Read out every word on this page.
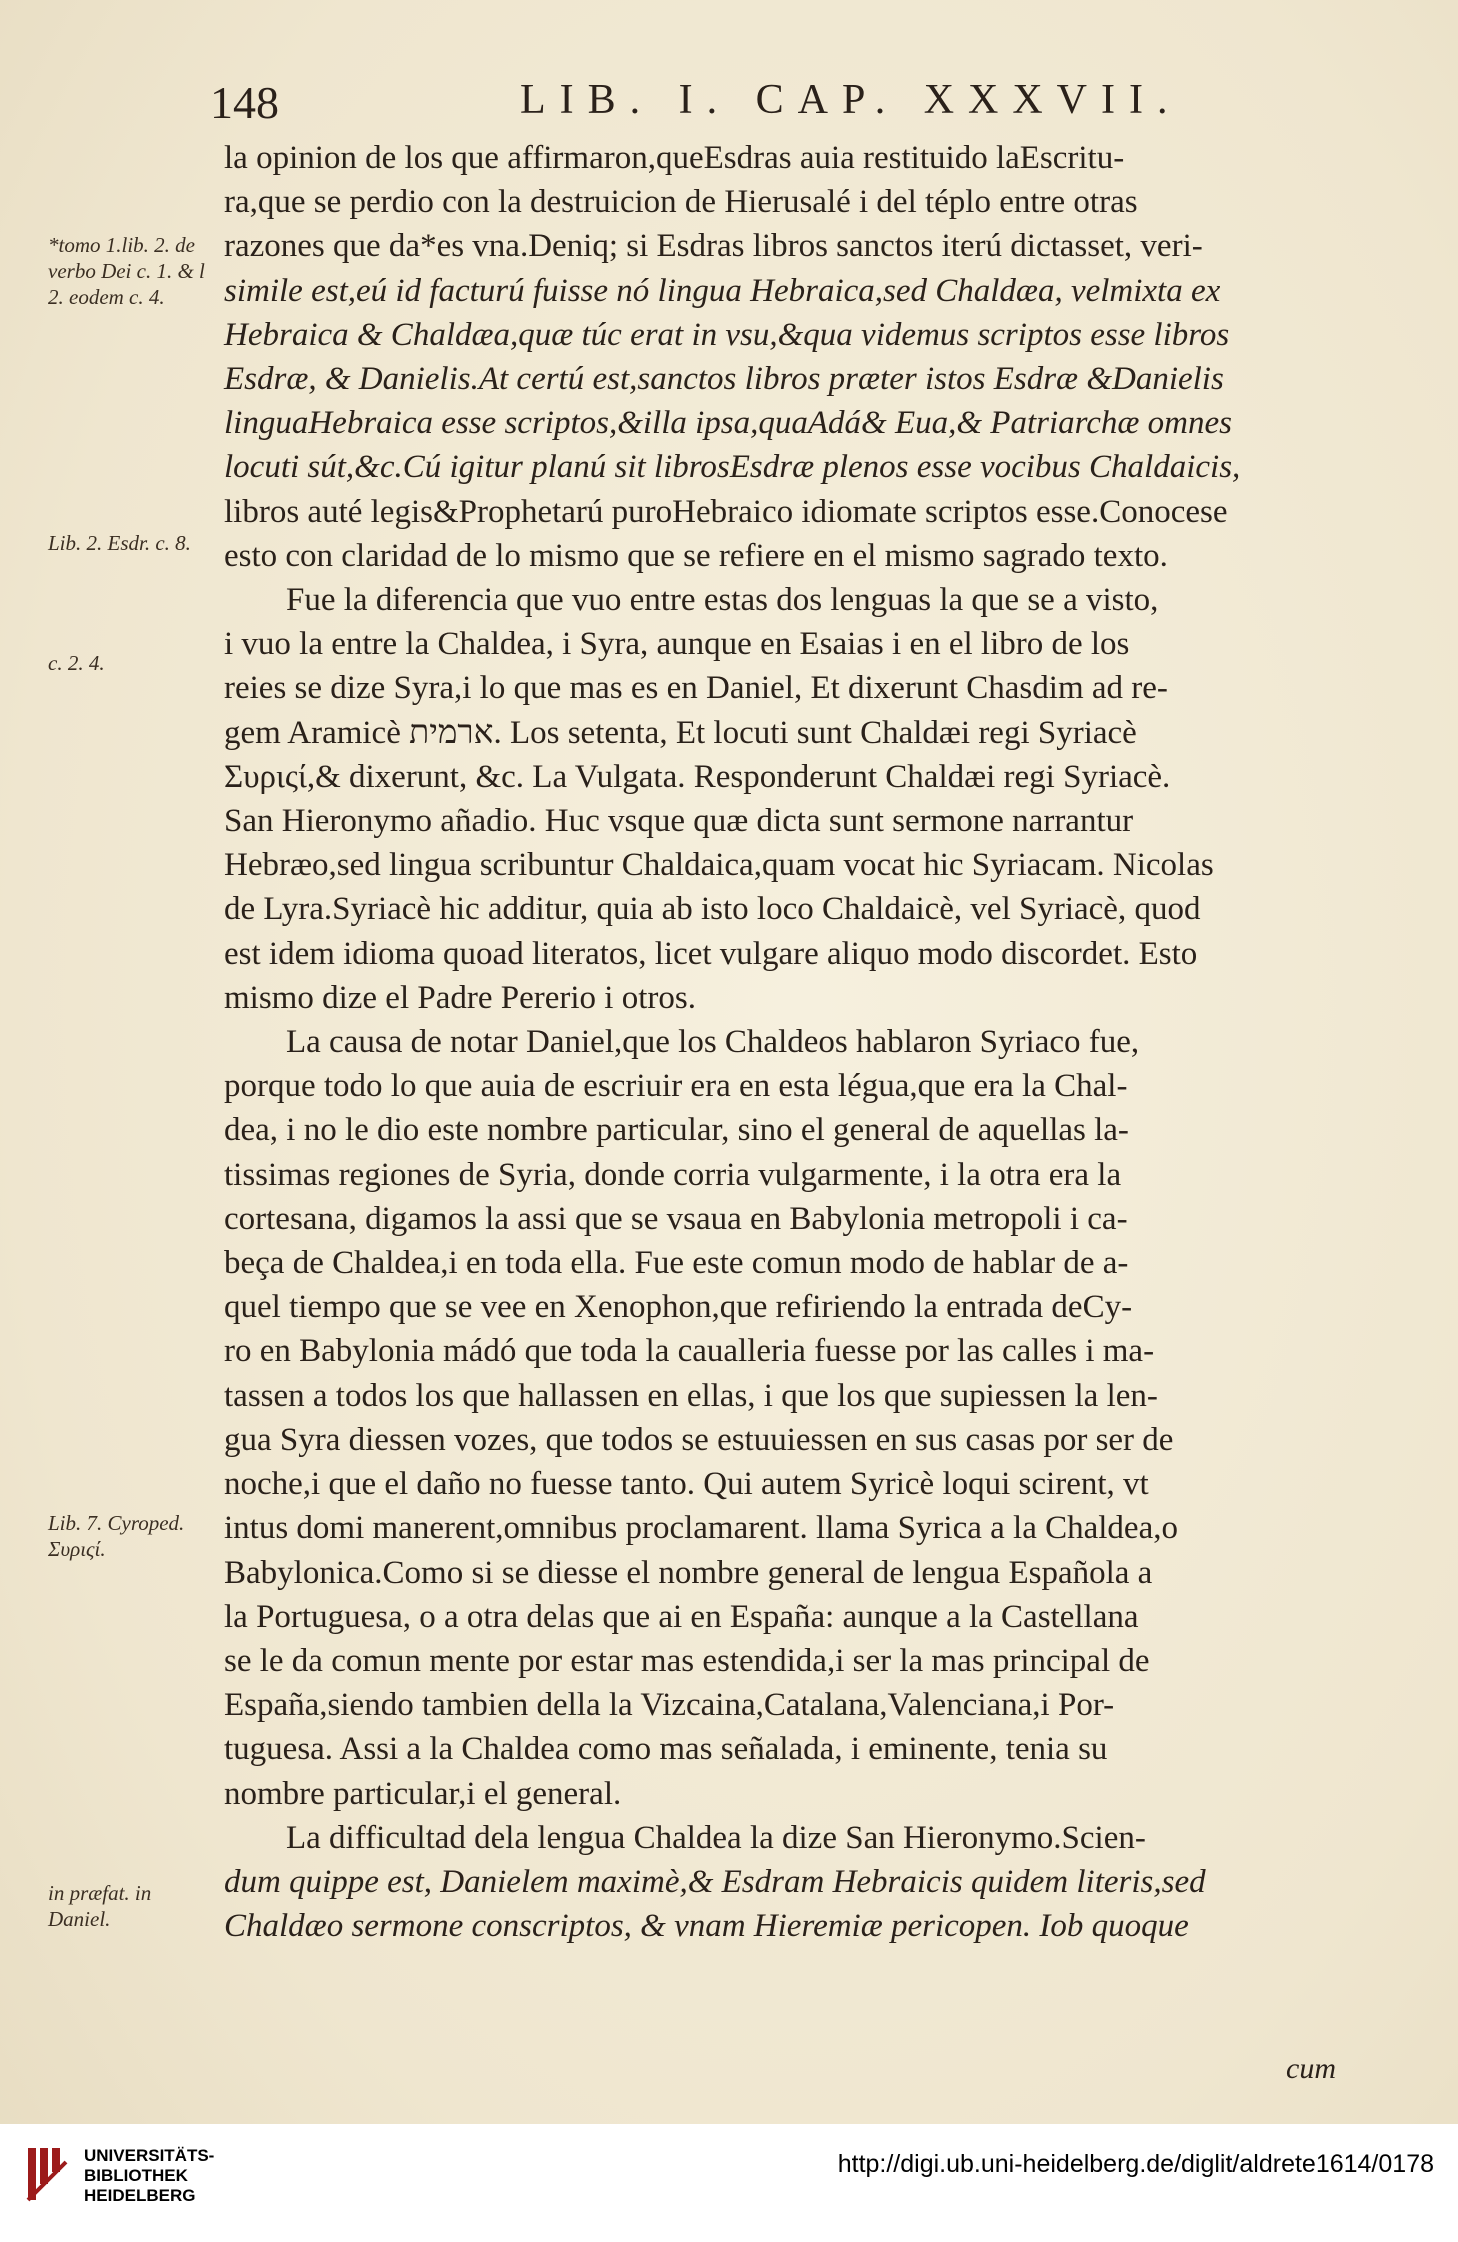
148	LIB. I. CAP. XXXVII.
*tomo 1.lib. 2. de verbo Dei c. 1. & l 2. eodem c. 4.
Lib. 2. Esdr. c. 8.
c. 2. 4.
Lib. 7. Cyroped. Συριςί.
in præfat. in Daniel.
la opinion de los que affirmaron,queEsdras auia restituido laEscritu-
ra,que se perdio con la destruicion de Hierusalé i del téplo entre otras
razones que da*es vna.Deniq; si Esdras libros sanctos iterú dictasset, veri-
simile est,eú id facturú fuisse nó lingua Hebraica,sed Chaldæa, velmixta ex
Hebraica & Chaldæa,quæ túc erat in vsu,&qua videmus scriptos esse libros
Esdræ, & Danielis.At certú est,sanctos libros præter istos Esdræ &Danielis
linguaHebraica esse scriptos,&illa ipsa,quaAdá& Eua,& Patriarchæ omnes
locuti sút,&c.Cú igitur planú sit librosEsdræ plenos esse vocibus Chaldaicis,
libros auté legis&Prophetarú puroHebraico idiomate scriptos esse.Conocese
esto con claridad de lo mismo que se refiere en el mismo sagrado texto.
Fue la diferencia que vuo entre estas dos lenguas la que se a visto,
i vuo la entre la Chaldea, i Syra, aunque en Esaias i en el libro de los
reies se dize Syra,i lo que mas es en Daniel, Et dixerunt Chasdim ad re-
gem Aramicè ארמית. Los setenta, Et locuti sunt Chaldæi regi Syriacè
Συριςί,& dixerunt, &c. La Vulgata. Responderunt Chaldæi regi Syriacè.
San Hieronymo añadio. Huc vsque quæ dicta sunt sermone narrantur
Hebræo,sed lingua scribuntur Chaldaica,quam vocat hic Syriacam. Nicolas
de Lyra.Syriacè hic additur, quia ab isto loco Chaldaicè, vel Syriacè, quod
est idem idioma quoad literatos, licet vulgare aliquo modo discordet. Esto
mismo dize el Padre Pererio i otros.
La causa de notar Daniel,que los Chaldeos hablaron Syriaco fue,
porque todo lo que auia de escriuir era en esta légua,que era la Chal-
dea, i no le dio este nombre particular, sino el general de aquellas la-
tissimas regiones de Syria, donde corria vulgarmente, i la otra era la
cortesana, digamos la assi que se vsaua en Babylonia metropoli i ca-
beça de Chaldea,i en toda ella. Fue este comun modo de hablar de a-
quel tiempo que se vee en Xenophon,que refiriendo la entrada deCy-
ro en Babylonia mádó que toda la caualleria fuesse por las calles i ma-
tassen a todos los que hallassen en ellas, i que los que supiessen la len-
gua Syra diessen vozes, que todos se estuuiessen en sus casas por ser de
noche,i que el daño no fuesse tanto. Qui autem Syricè loqui scirent, vt
intus domi manerent,omnibus proclamarent. llama Syrica a la Chaldea,o
Babylonica.Como si se diesse el nombre general de lengua Española a
la Portuguesa, o a otra delas que ai en España: aunque a la Castellana
se le da comun mente por estar mas estendida,i ser la mas principal de
España,siendo tambien della la Vizcaina,Catalana,Valenciana,i Por-
tuguesa. Assi a la Chaldea como mas señalada, i eminente, tenia su
nombre particular,i el general.
La difficultad dela lengua Chaldea la dize San Hieronymo.Scien-
dum quippe est, Danielem maximè,& Esdram Hebraicis quidem literis,sed
Chaldæo sermone conscriptos, & vnam Hieremiæ pericopen. Iob quoque
cum
UNIVERSITÄTS-
BIBLIOTHEK
HEIDELBERG
http://digi.ub.uni-heidelberg.de/diglit/aldrete1614/0178
